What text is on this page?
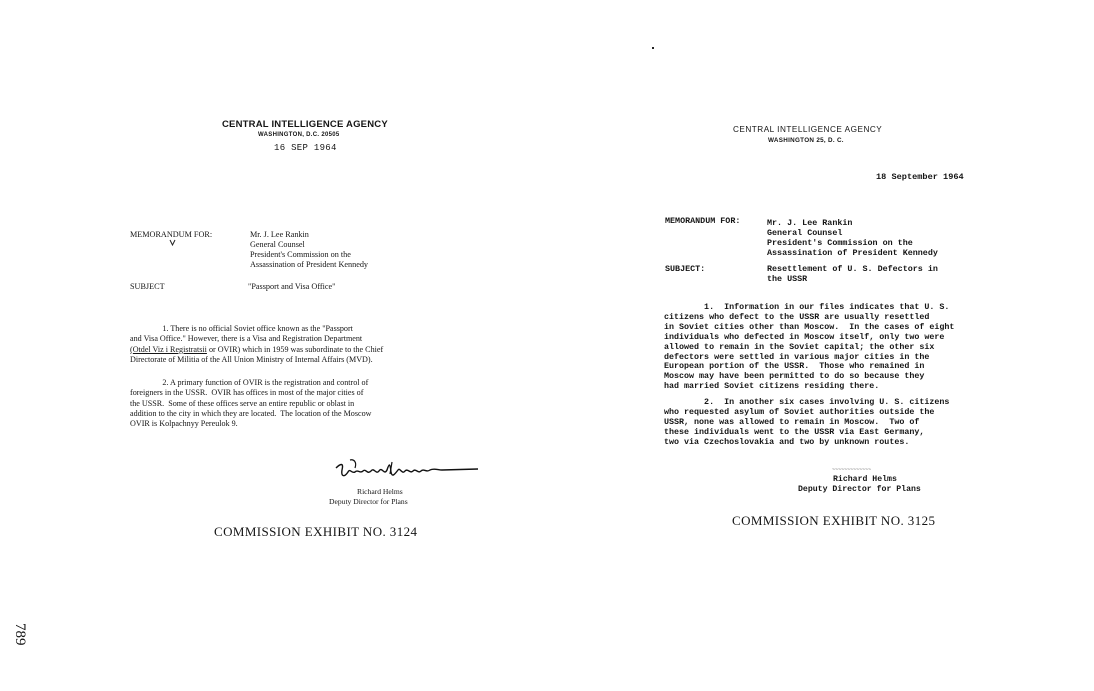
CENTRAL INTELLIGENCE AGENCY
WASHINGTON, D.C. 20505
16 SEP 1964
MEMORANDUM FOR:	Mr. J. Lee Rankin
General Counsel
President's Commission on the
Assassination of President Kennedy
SUBJECT	"Passport and Visa Office"
1. There is no official Soviet office known as the "Passport
and Visa Office." However, there is a Visa and Registration Department
(Otdel Viz i Registratsii or OVIR) which in 1959 was subordinate to the Chief
Directorate of Militia of the All Union Ministry of Internal Affairs (MVD).
2. A primary function of OVIR is the registration and control of
foreigners in the USSR.  OVIR has offices in most of the major cities of
the USSR.  Some of these offices serve an entire republic or oblast in
addition to the city in which they are located.  The location of the Moscow
OVIR is Kolpachnyy Pereulok 9.
Richard Helms
Deputy Director for Plans
COMMISSION EXHIBIT NO. 3124
CENTRAL INTELLIGENCE AGENCY
WASHINGTON 25, D. C.
18 September 1964
MEMORANDUM FOR:	Mr. J. Lee Rankin
General Counsel
President's Commission on the
Assassination of President Kennedy
SUBJECT:	Resettlement of U. S. Defectors in
the USSR
1.  Information in our files indicates that U. S.
citizens who defect to the USSR are usually resettled
in Soviet cities other than Moscow.  In the cases of eight
individuals who defected in Moscow itself, only two were
allowed to remain in the Soviet capital; the other six
defectors were settled in various major cities in the
European portion of the USSR.  Those who remained in
Moscow may have been permitted to do so because they
had married Soviet citizens residing there.
2.  In another six cases involving U. S. citizens
who requested asylum of Soviet authorities outside the
USSR, none was allowed to remain in Moscow.  Two of
these individuals went to the USSR via East Germany,
two via Czechoslovakia and two by unknown routes.
~~~~~~~~~~~~~
Richard Helms
Deputy Director for Plans
COMMISSION EXHIBIT NO. 3125
789
